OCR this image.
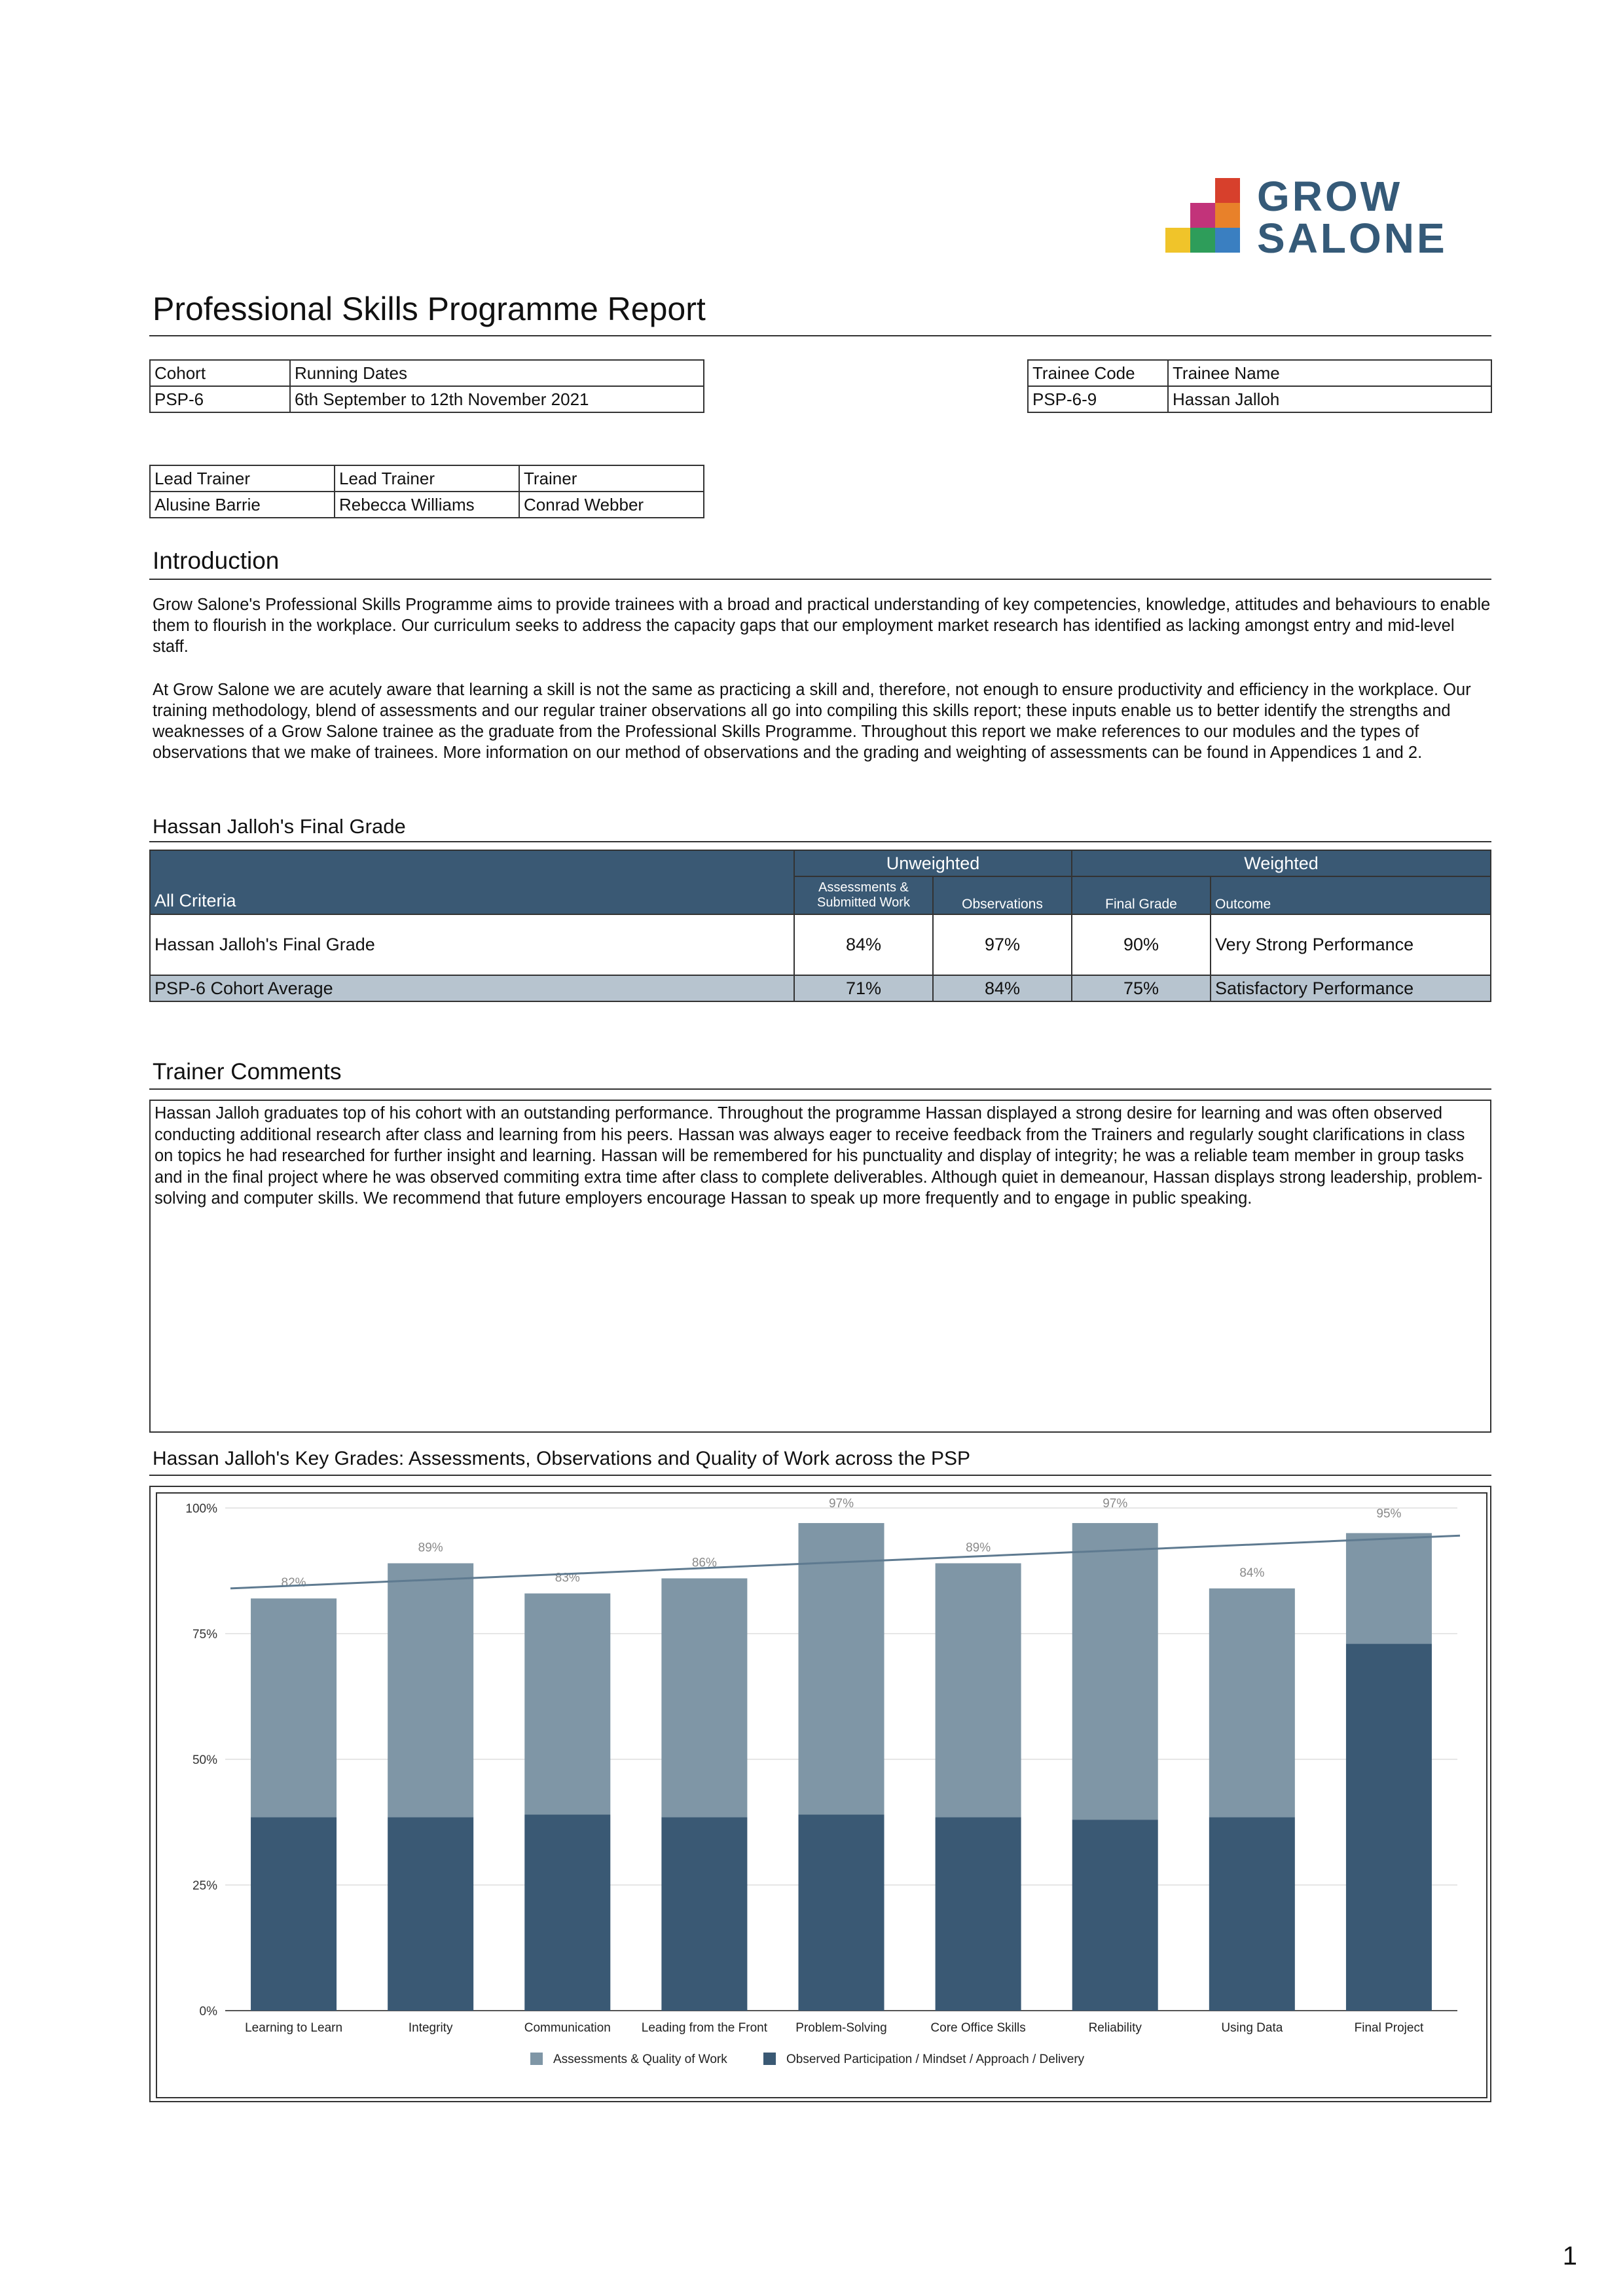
GROW
SALONE
Professional Skills Programme Report
Cohort	Running Dates
PSP-6	6th September to 12th November 2021
Trainee Code	Trainee Name
PSP-6-9	Hassan Jalloh
Lead Trainer	Lead Trainer	Trainer
Alusine Barrie	Rebecca Williams	Conrad Webber
Introduction

Grow Salone's Professional Skills Programme aims to provide trainees with a broad and practical understanding of key competencies, knowledge, attitudes and behaviours to enable them to flourish in the workplace. Our curriculum seeks to address the capacity gaps that our employment market research has identified as lacking amongst entry and mid-level staff.

At Grow Salone we are acutely aware that learning a skill is not the same as practicing a skill and, therefore, not enough to ensure productivity and efficiency in the workplace. Our training methodology, blend of assessments and our regular trainer observations all go into compiling this skills report; these inputs enable us to better identify the strengths and weaknesses of a Grow Salone trainee as the graduate from the Professional Skills Programme. Throughout this report we make references to our modules and the types of observations that we make of trainees. More information on our method of observations and the grading and weighting of assessments can be found in Appendices 1 and 2.

Hassan Jalloh's Final Grade
All Criteria	Unweighted		Weighted	
	Assessments & Submitted Work	Observations	Final Grade	Outcome
Hassan Jalloh's Final Grade	84%	97%	90%	Very Strong Performance
PSP-6 Cohort Average	71%	84%	75%	Satisfactory Performance
Trainer Comments

Hassan Jalloh graduates top of his cohort with an outstanding performance. Throughout the programme Hassan displayed a strong desire for learning and was often observed conducting additional research after class and learning from his peers. Hassan was always eager to receive feedback from the Trainers and regularly sought clarifications in class on topics he had researched for further insight and learning. Hassan will be remembered for his punctuality and display of integrity; he was a reliable team member in group tasks and in the final project where he was observed commiting extra time after class to complete deliverables. Although quiet in demeanour, Hassan displays strong leadership, problem-solving and computer skills. We recommend that future employers encourage Hassan to speak up more frequently and to engage in public speaking.

Hassan Jalloh's Key Grades: Assessments, Observations and Quality of Work across the PSP
0%
25%
50%
75%
100%
82%
Learning to Learn
89%
Integrity
83%
Communication
86%
Leading from the Front
97%
Problem-Solving
89%
Core Office Skills
97%
Reliability
84%
Using Data
95%
Final Project
Assessments & Quality of Work	Observed Participation / Mindset / Approach / Delivery
1
